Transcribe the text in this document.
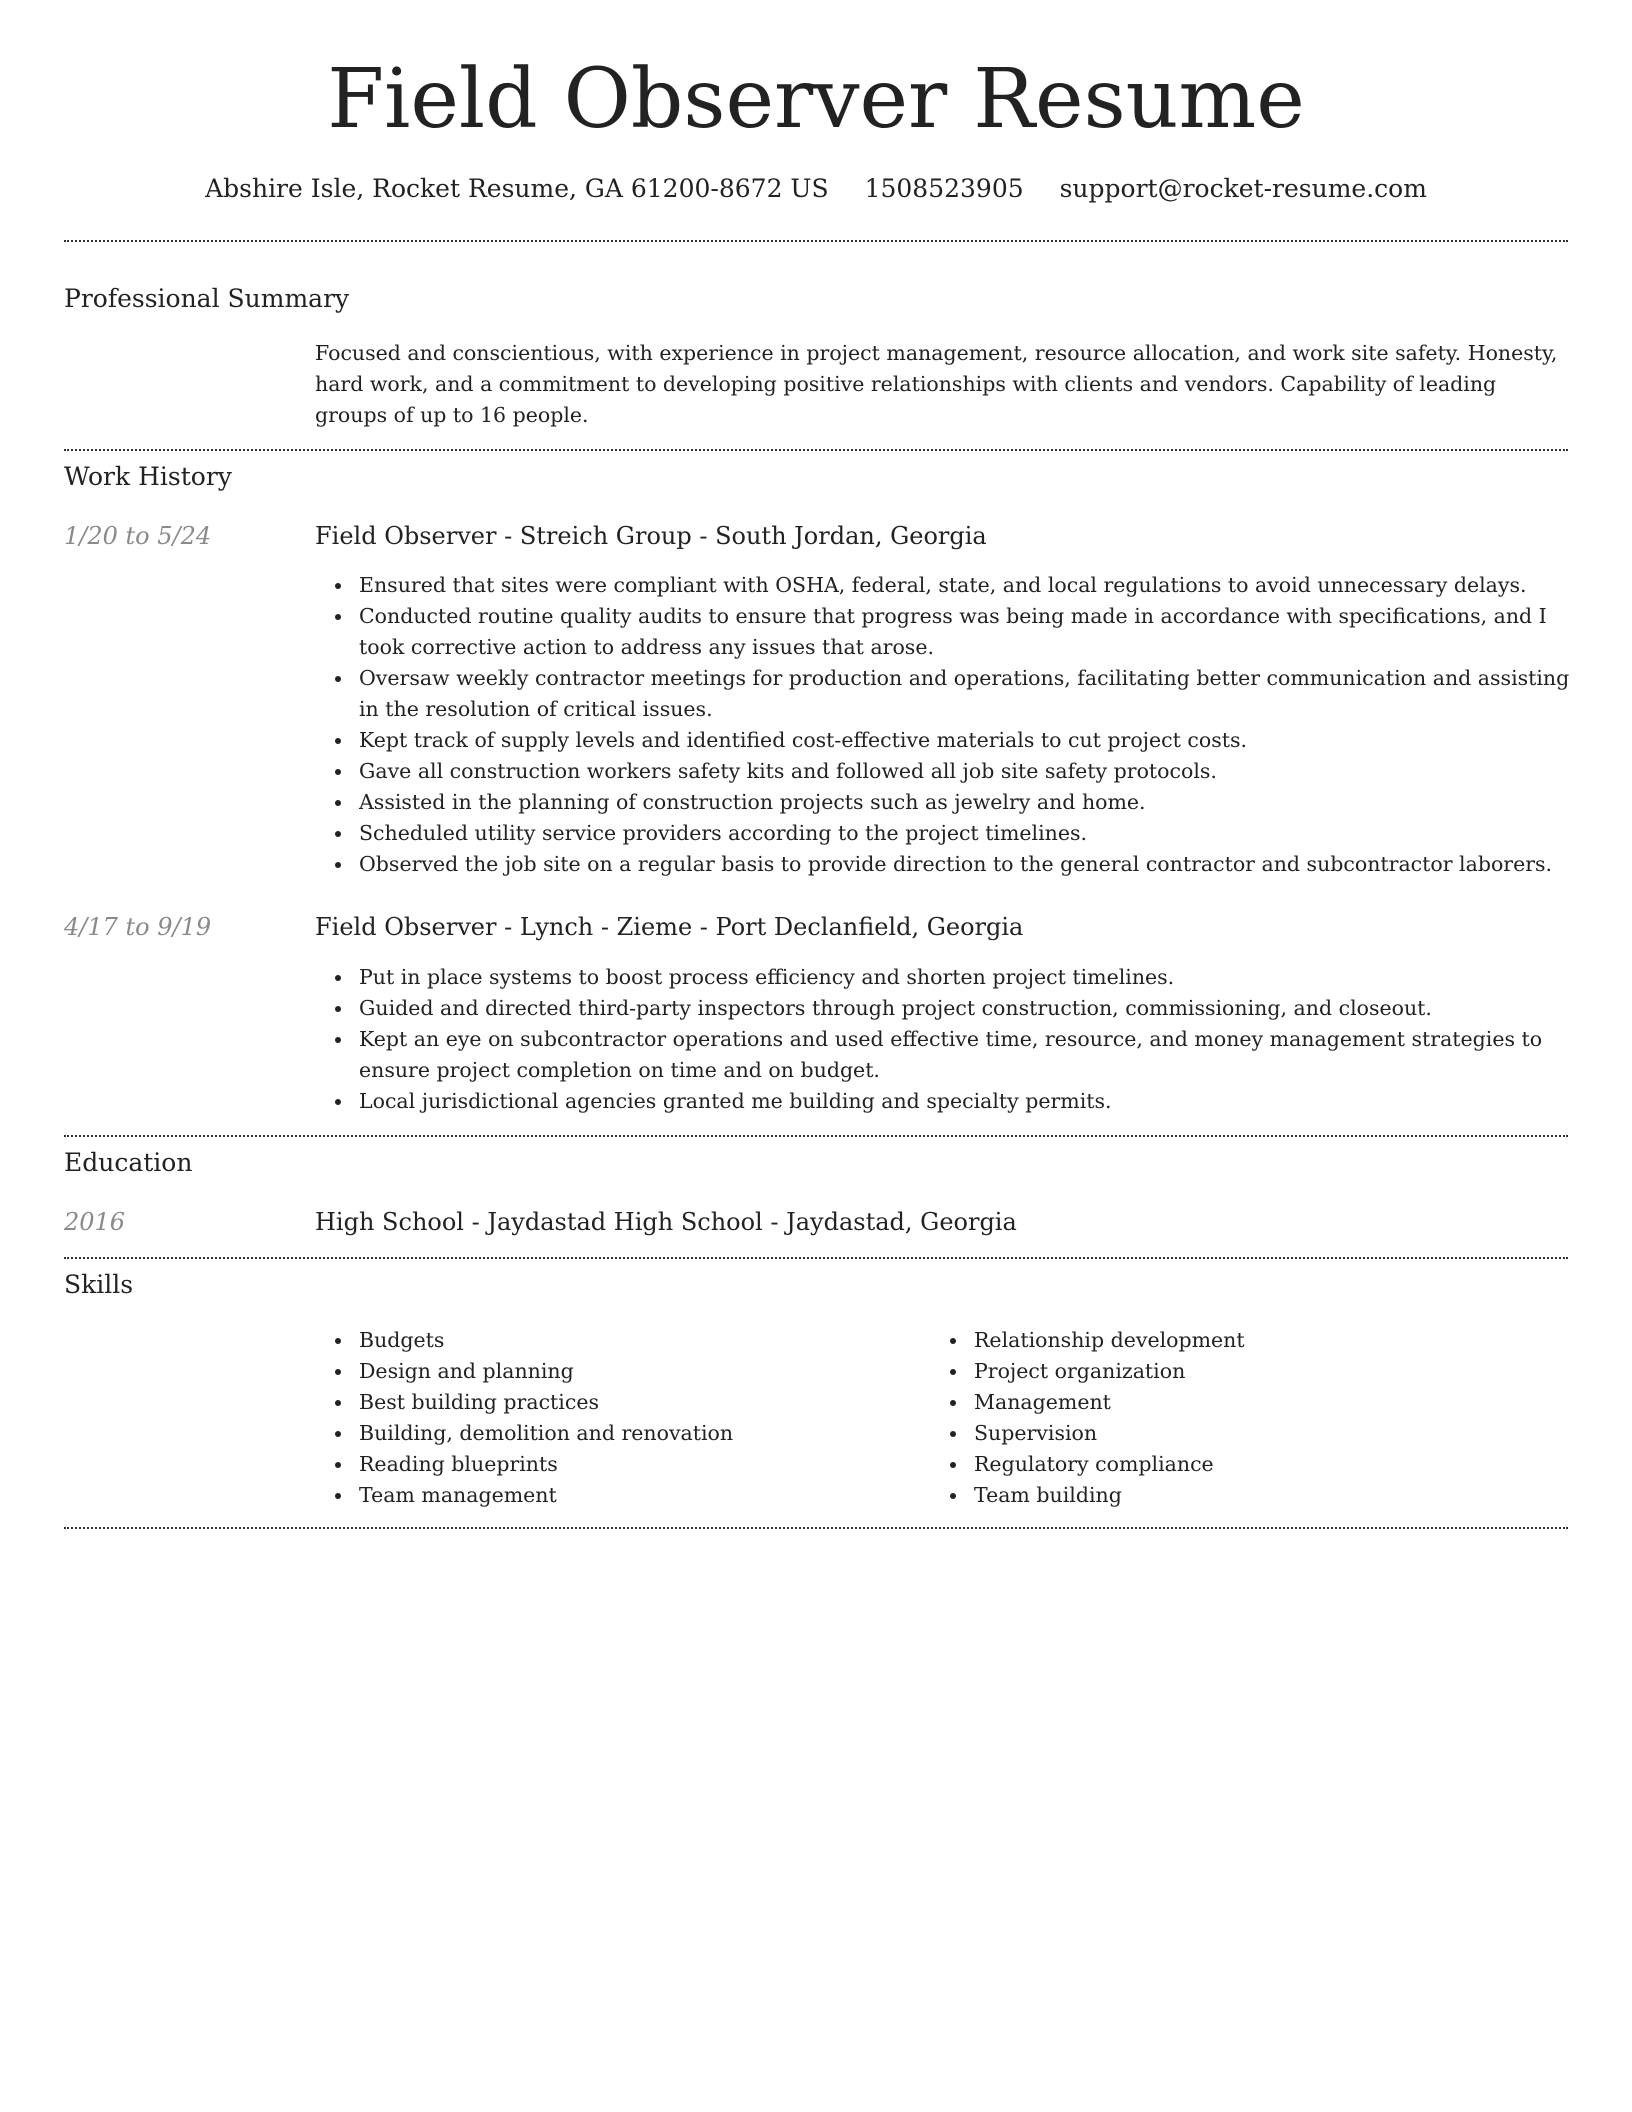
Field Observer Resume
Abshire Isle, Rocket Resume, GA 61200-8672 US 1508523905 support@rocket-resume.com
Professional Summary
Focused and conscientious, with experience in project management, resource allocation, and work site safety. Honesty, hard work, and a commitment to developing positive relationships with clients and vendors. Capability of leading groups of up to 16 people.
Work History
1/20 to 5/24	Field Observer - Streich Group - South Jordan, Georgia
Ensured that sites were compliant with OSHA, federal, state, and local regulations to avoid unnecessary delays.
Conducted routine quality audits to ensure that progress was being made in accordance with specifications, and I took corrective action to address any issues that arose.
Oversaw weekly contractor meetings for production and operations, facilitating better communication and assisting in the resolution of critical issues.
Kept track of supply levels and identified cost-effective materials to cut project costs.
Gave all construction workers safety kits and followed all job site safety protocols.
Assisted in the planning of construction projects such as jewelry and home.
Scheduled utility service providers according to the project timelines.
Observed the job site on a regular basis to provide direction to the general contractor and subcontractor laborers.
4/17 to 9/19	Field Observer - Lynch - Zieme - Port Declanfield, Georgia
Put in place systems to boost process efficiency and shorten project timelines.
Guided and directed third-party inspectors through project construction, commissioning, and closeout.
Kept an eye on subcontractor operations and used effective time, resource, and money management strategies to ensure project completion on time and on budget.
Local jurisdictional agencies granted me building and specialty permits.
Education
2016	High School - Jaydastad High School - Jaydastad, Georgia
Skills
Budgets
Design and planning
Best building practices
Building, demolition and renovation
Reading blueprints
Team management
Relationship development
Project organization
Management
Supervision
Regulatory compliance
Team building
